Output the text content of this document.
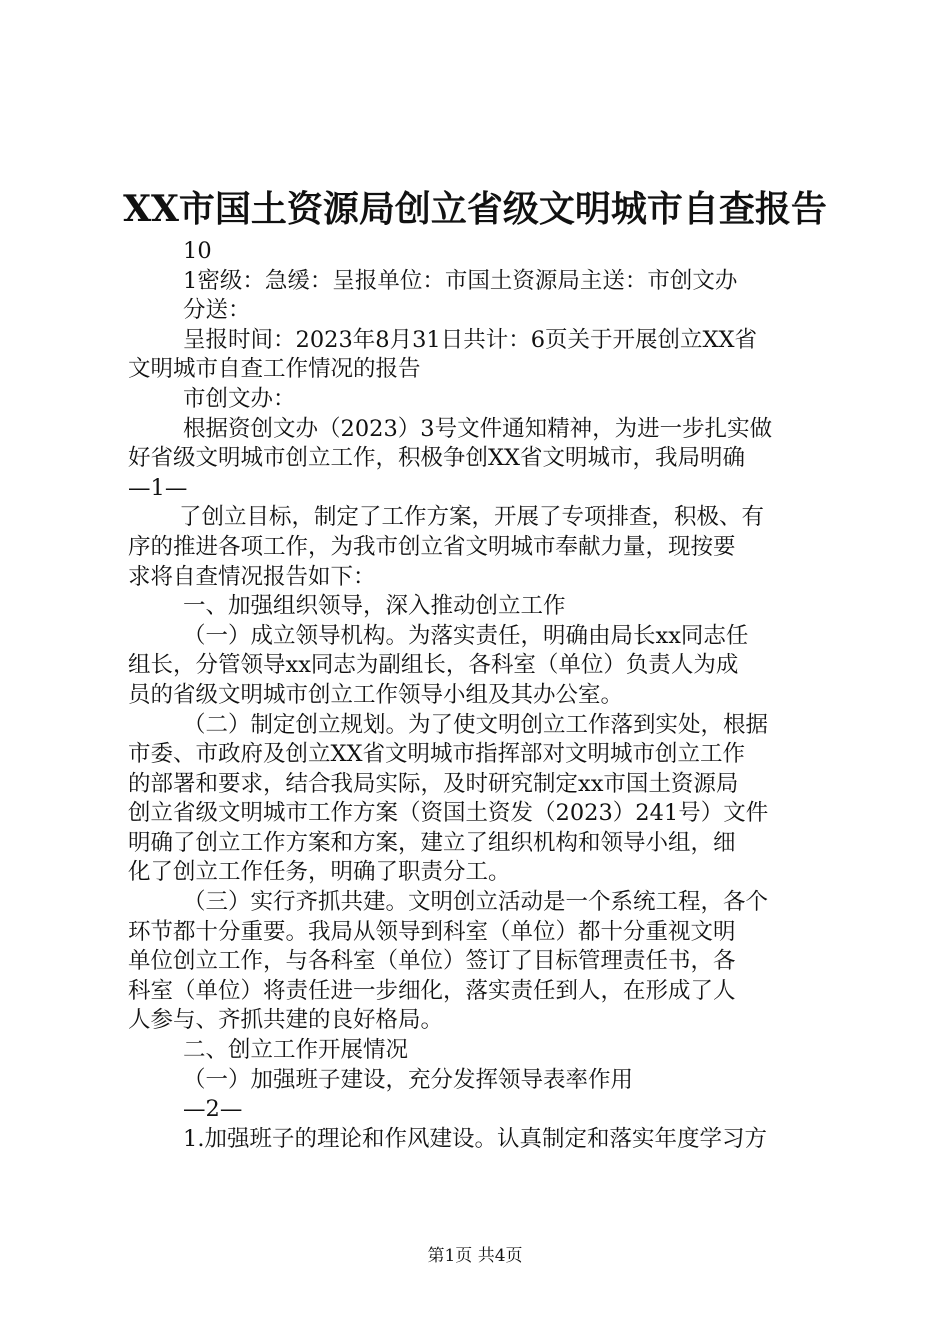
XX市国土资源局创立省级文明城市自查报告
10
1密级：急缓：呈报单位：市国土资源局主送：市创文办
分送：
呈报时间：2023年8月31日共计：6页关于开展创立XX省
文明城市自查工作情况的报告
市创文办：
根据资创文办（2023）3号文件通知精神，为进一步扎实做
好省级文明城市创立工作，积极争创XX省文明城市，我局明确
—1—
了创立目标，制定了工作方案，开展了专项排查，积极、有
序的推进各项工作，为我市创立省文明城市奉献力量，现按要
求将自查情况报告如下：
一、加强组织领导，深入推动创立工作
（一）成立领导机构。为落实责任，明确由局长xx同志任
组长，分管领导xx同志为副组长，各科室（单位）负责人为成
员的省级文明城市创立工作领导小组及其办公室。
（二）制定创立规划。为了使文明创立工作落到实处，根据
市委、市政府及创立XX省文明城市指挥部对文明城市创立工作
的部署和要求，结合我局实际，及时研究制定xx市国土资源局
创立省级文明城市工作方案（资国土资发（2023）241号）文件
明确了创立工作方案和方案，建立了组织机构和领导小组，细
化了创立工作任务，明确了职责分工。
（三）实行齐抓共建。文明创立活动是一个系统工程，各个
环节都十分重要。我局从领导到科室（单位）都十分重视文明
单位创立工作，与各科室（单位）签订了目标管理责任书，各
科室（单位）将责任进一步细化，落实责任到人，在形成了人
人参与、齐抓共建的良好格局。
二、创立工作开展情况
（一）加强班子建设，充分发挥领导表率作用
—2—
1.加强班子的理论和作风建设。认真制定和落实年度学习方
第1页 共4页
